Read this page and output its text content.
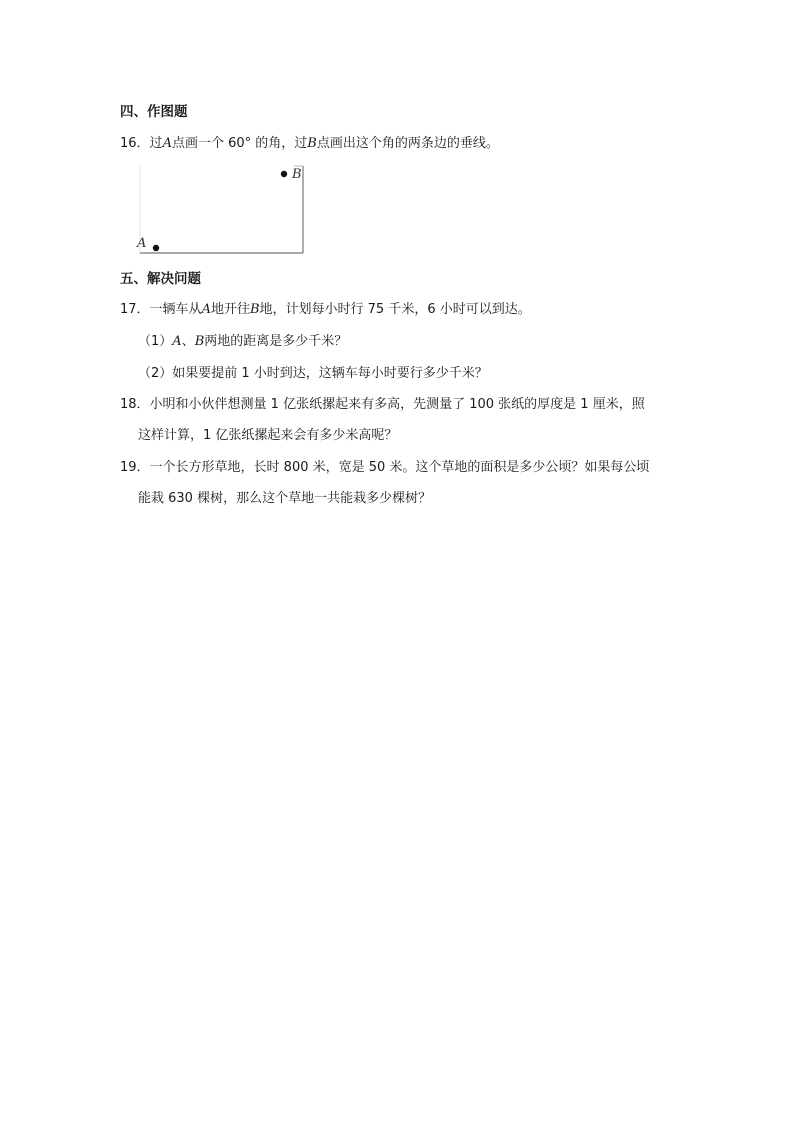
四、作图题
16．过A点画一个 60° 的角，过B点画出这个角的两条边的垂线。
B
A
五、解决问题
17．一辆车从A地开往B地，计划每小时行 75 千米，6 小时可以到达。
（1）A、B两地的距离是多少千米？
（2）如果要提前 1 小时到达，这辆车每小时要行多少千米？
18．小明和小伙伴想测量 1 亿张纸摞起来有多高，先测量了 100 张纸的厚度是 1 厘米，照
这样计算，1 亿张纸摞起来会有多少米高呢？
19．一个长方形草地，长时 800 米，宽是 50 米。这个草地的面积是多少公顷？如果每公顷
能栽 630 棵树，那么这个草地一共能栽多少棵树？
